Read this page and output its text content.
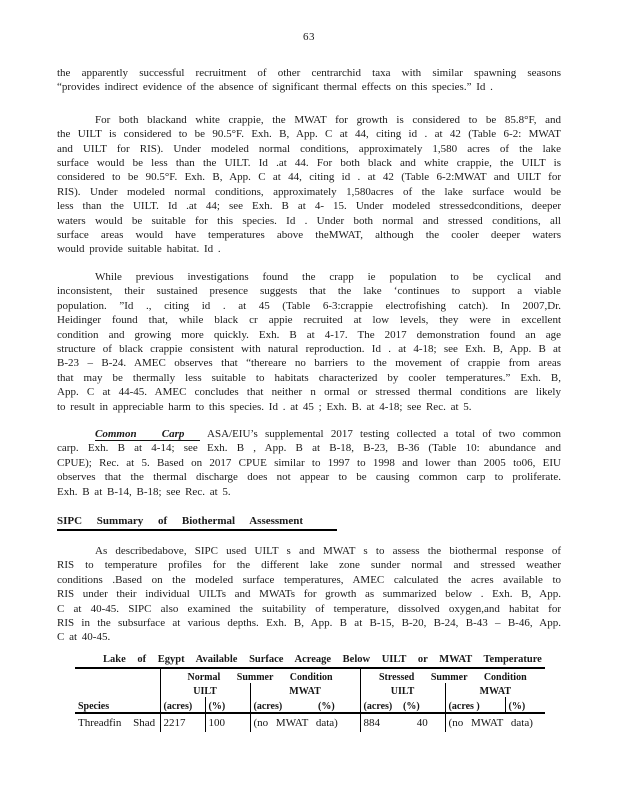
63
the apparently successful recruitment of other centrarchid taxa with similar spawning seasons
“provides indirect evidence of the absence of significant thermal effects on this species.” Id .
For both blackand white crappie, the MWAT for growth is considered to be 85.8°F, and
the UILT is considered to be 90.5°F. Exh. B, App. C at 44, citing id . at 42 (Table 6-2: MWAT
and UILT for RIS). Under modeled normal conditions, approximately 1,580 acres of the lake
surface would be less than the UILT. Id .at 44. For both black and white crappie, the UILT is
considered to be 90.5°F. Exh. B, App. C at 44, citing id . at 42 (Table 6-2:MWAT and UILT for
RIS). Under modeled normal conditions, approximately 1,580acres of the lake surface would be
less than the UILT. Id .at 44; see Exh. B at 4- 15. Under modeled stressedconditions, deeper
waters would be suitable for this species. Id . Under both normal and stressed conditions, all
surface areas would have temperatures above theMWAT, although the cooler deeper waters
would provide suitable habitat. Id .
While previous investigations found the crapp ie population to be cyclical and
inconsistent, their sustained presence suggests that the lake ‘continues to support a viable
population. ”Id ., citing id . at 45 (Table 6-3:crappie electrofishing catch). In 2007,Dr.
Heidinger found that, while black cr appie recruited at low levels, they were in excellent
condition and growing more quickly. Exh. B at 4-17. The 2017 demonstration found an age
structure of black crappie consistent with natural reproduction. Id . at 4-18; see Exh. B, App. B at
B-23 – B-24. AMEC observes that “thereare no barriers to the movement of crappie from areas
that may be thermally less suitable to habitats characterized by cooler temperatures.” Exh. B,
App. C at 44-45. AMEC concludes that neither n ormal or stressed thermal conditions are likely
to result in appreciable harm to this species. Id . at 45 ; Exh. B. at 4-18; see Rec. at 5.
Common Carp ASA/EIU’s supplemental 2017 testing collected a total of two common
carp. Exh. B at 4-14; see Exh. B , App. B at B-18, B-23, B-36 (Table 10: abundance and
CPUE); Rec. at 5. Based on 2017 CPUE similar to 1997 to 1998 and lower than 2005 to06, EIU
observes that the thermal discharge does not appear to be causing common carp to proliferate.
Exh. B at B-14, B-18; see Rec. at 5.
SIPC Summary of Biothermal Assessment
As describedabove, SIPC used UILT s and MWAT s to assess the biothermal response of
RIS to temperature profiles for the different lake zone sunder normal and stressed weather
conditions .Based on the modeled surface temperatures, AMEC calculated the acres available to
RIS under their individual UILTs and MWATs for growth as summarized below . Exh. B, App.
C at 40-45. SIPC also examined the suitability of temperature, dissolved oxygen,and habitat for
RIS in the subsurface at various depths. Exh. B, App. B at B-15, B-20, B-24, B-43 – B-46, App.
C at 40-45.
Lake of Egypt Available Surface Acreage Below UILT or MWAT Temperature
	Normal Summer Condition				Stressed Summer Condition			
	UILT		MWAT		UILT		MWAT	
Species	(acres)	(%)	(acres)	(%)	(acres)	(%)	(acres )	(%)
Threadfin Shad	2217	100	(no MWAT data)		884	40	(no MWAT data)	
